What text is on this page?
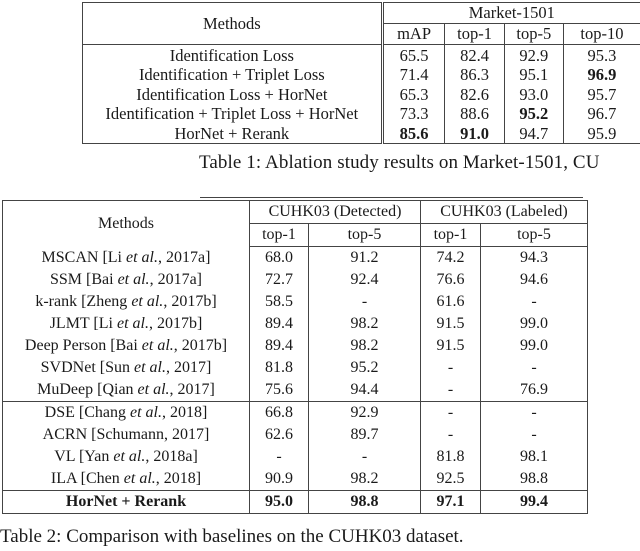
Methods	Market-1501			
	mAP	top-1	top-5	top-10
Identification Loss	65.5	82.4	92.9	95.3
Identification + Triplet Loss	71.4	86.3	95.1	96.9
Identification Loss + HorNet	65.3	82.6	93.0	95.7
Identification + Triplet Loss + HorNet	73.3	88.6	95.2	96.7
HorNet + Rerank	85.6	91.0	94.7	95.9
Table 1: Ablation study results on Market-1501, CU
Methods	CUHK03 (Detected)		CUHK03 (Labeled)	
	top-1	top-5	top-1	top-5
MSCAN [Li et al., 2017a]	68.0	91.2	74.2	94.3
SSM [Bai et al., 2017a]	72.7	92.4	76.6	94.6
k-rank [Zheng et al., 2017b]	58.5	-	61.6	-
JLMT [Li et al., 2017b]	89.4	98.2	91.5	99.0
Deep Person [Bai et al., 2017b]	89.4	98.2	91.5	99.0
SVDNet [Sun et al., 2017]	81.8	95.2	-	-
MuDeep [Qian et al., 2017]	75.6	94.4	-	76.9
DSE [Chang et al., 2018]	66.8	92.9	-	-
ACRN [Schumann, 2017]	62.6	89.7	-	-
VL [Yan et al., 2018a]	-	-	81.8	98.1
ILA [Chen et al., 2018]	90.9	98.2	92.5	98.8
HorNet + Rerank	95.0	98.8	97.1	99.4
Table 2: Comparison with baselines on the CUHK03 dataset.
